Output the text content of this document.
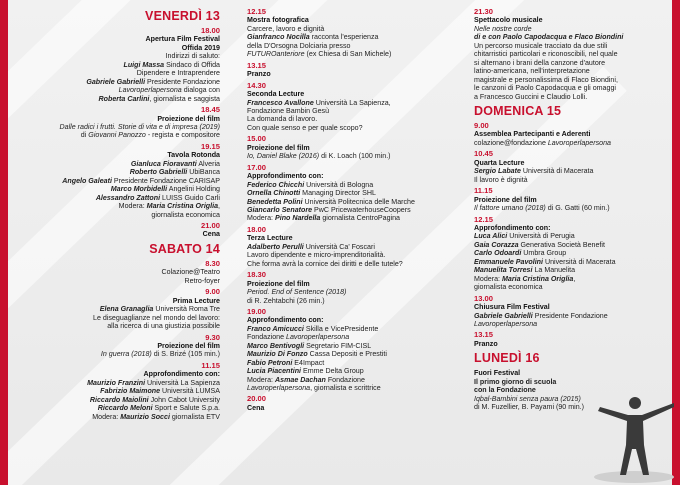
VENERDÌ 13
18.00
Apertura Film Festival
Offida 2019
Indirizzi di saluto:
Luigi Massa Sindaco di Offida
Dipendere e Intraprendere
Gabriele Gabrielli Presidente Fondazione
Lavoroperlapersona dialoga con
Roberta Carlini, giornalista e saggista
18.45
Proiezione del film
Dalle radici i frutti. Storie di vita e di impresa (2019)
di Giovanni Panozzo - regista e compositore
19.15
Tavola Rotonda
Gianluca Fioravanti Alveria
Roberto Gabrielli UbiBanca
Angelo Galeati Presidente Fondazione CARISAP
Marco Morbidelli Angelini Holding
Alessandro Zattoni LUISS Guido Carli
Modera: Maria Cristina Origlia,
giornalista economica
21.00
Cena
SABATO 14
8.30
Colazione@Teatro
Retro-foyer
9.00
Prima Lecture
Elena Granaglia Università Roma Tre
Le diseguaglianze nel mondo del lavoro:
alla ricerca di una giustizia possibile
9.30
Proiezione del film
In guerra (2018) di S. Brizé (105 min.)
11.15
Approfondimento con:
Maurizio Franzini Università La Sapienza
Fabrizio Maimone Università LUMSA
Riccardo Maiolini John Cabot University
Riccardo Meloni Sport e Salute S.p.a.
Modera: Maurizio Socci giornalista ETV
12.15
Mostra fotografica
Carcere, lavoro e dignità
Gianfranco Nocilla racconta l'esperienza
della D'Orsogna Dolciaria presso
FUTUROanteriore (ex Chiesa di San Michele)
13.15
Pranzo
14.30
Seconda Lecture
Francesco Avallone Università La Sapienza,
Fondazione Bambin Gesù
La domanda di lavoro.
Con quale senso e per quale scopo?
15.00
Proiezione del film
Io, Daniel Blake (2016) di K. Loach (100 min.)
17.00
Approfondimento con:
Federico Chicchi Università di Bologna
Ornella Chinotti Managing Director SHL
Benedetta Polini Università Politecnica delle Marche
Giancarlo Senatore PwC PricewaterhouseCoopers
Modera: Pino Nardella giornalista CentroPagina
18.00
Terza Lecture
Adalberto Perulli Università Ca' Foscari
Lavoro dipendente e micro-imprenditorialità.
Che forma avrà la cornice dei diritti e delle tutele?
18.30
Proiezione del film
Period. End of Sentence (2018)
di R. Zehtabchi (26 min.)
19.00
Approfondimento con:
Franco Amicucci Skilla e VicePresidente
Fondazione Lavoroperlapersona
Marco Bentivogli Segretario FIM-CISL
Maurizio Di Fonzo Cassa Depositi e Prestiti
Fabio Petroni E4Impact
Lucia Piacentini Emme Delta Group
Modera: Asmae Dachan Fondazione
Lavoroperlapersona, giornalista e scrittrice
20.00
Cena
21.30
Spettacolo musicale
Nelle nostre corde
di e con Paolo Capodacqua e Flaco Biondini
Un percorso musicale tracciato da due stili
chitarristici particolari e riconoscibili, nel quale
si alternano i brani della canzone d'autore
latino-americana, nell'interpretazione
magistrale e personalissima di Flaco Biondini,
le canzoni di Paolo Capodacqua e gli omaggi
a Francesco Guccini e Claudio Lolli.
DOMENICA 15
9.00
Assemblea Partecipanti e Aderenti
colazione@fondazione Lavoroperlapersona
10.45
Quarta Lecture
Sergio Labate Università di Macerata
Il lavoro è dignità
11.15
Proiezione del film
Il fattore umano (2018) di G. Gatti (60 min.)
12.15
Approfondimento con:
Luca Alici Università di Perugia
Gaia Corazza Generativa Società Benefit
Carlo Odoardi Umbra Group
Emmanuele Pavolini Università di Macerata
Manuelita Torresi La Manuelita
Modera: Maria Cristina Origlia,
giornalista economica
13.00
Chiusura Film Festival
Gabriele Gabrielli Presidente Fondazione
Lavoroperlapersona
13.15
Pranzo
LUNEDÌ 16
Fuori Festival
Il primo giorno di scuola
con la Fondazione
Iqbal-Bambini senza paura (2015)
di M. Fuzellier, B. Payami (90 min.)
